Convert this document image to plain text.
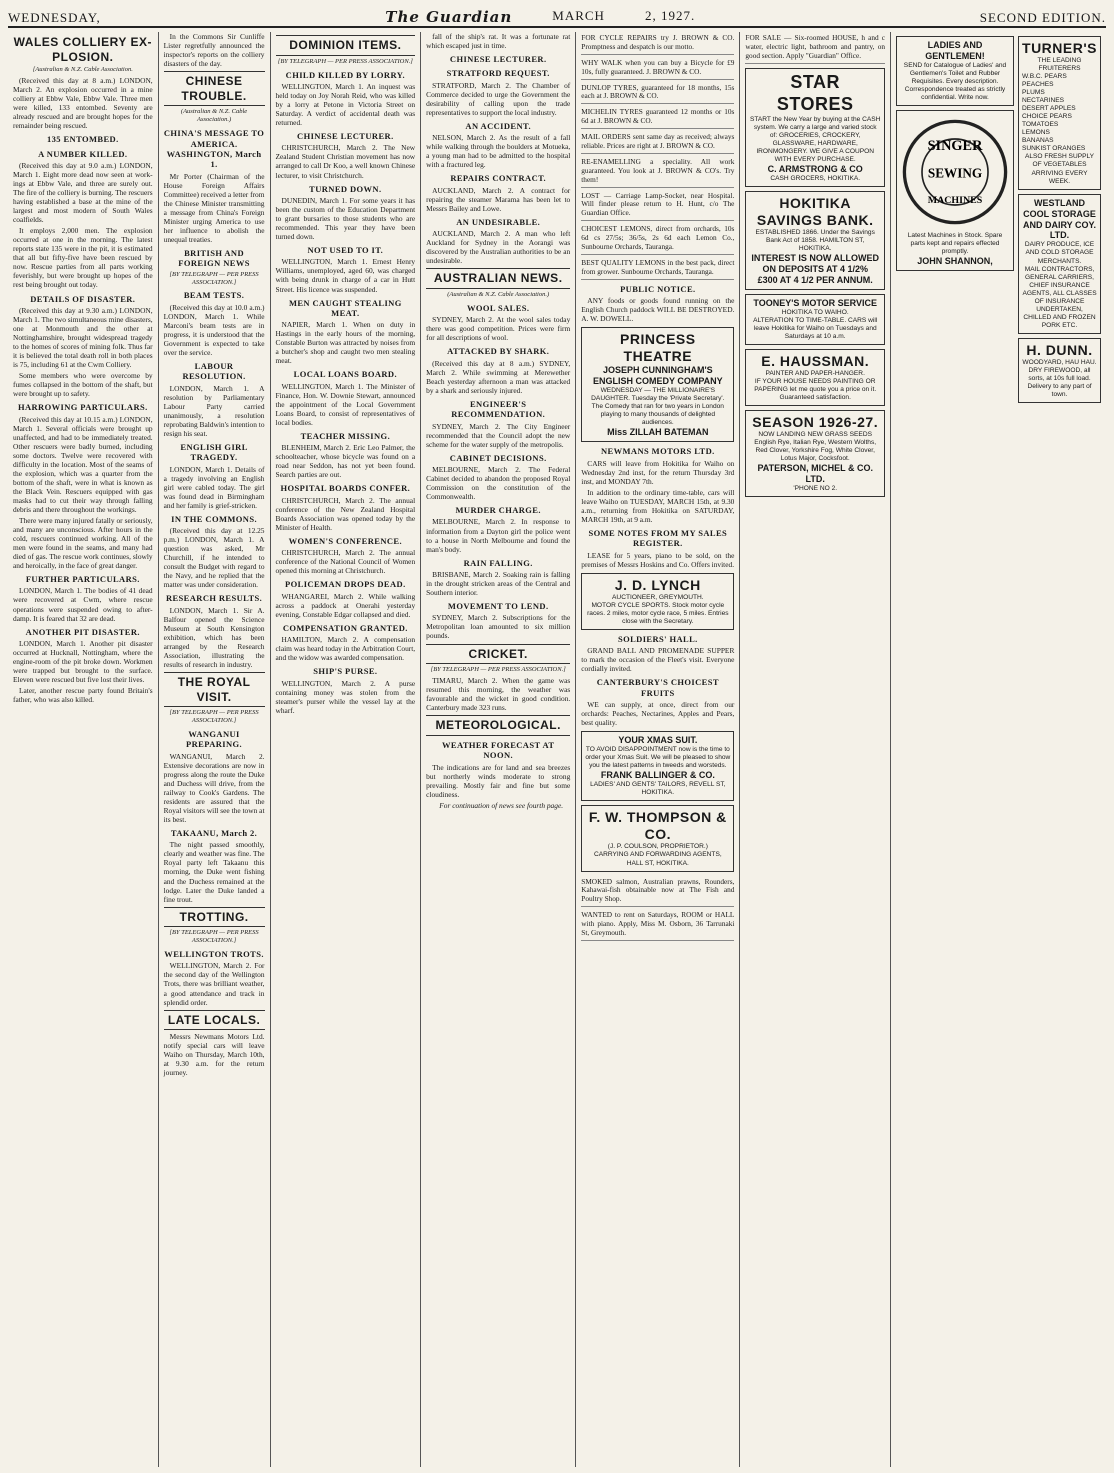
WEDNESDAY,	The Guardian	MARCH	2, 1927.	SECOND EDITION.
WALES COLLIERY EX-PLOSION.
[Australian & N.Z. Cable Association.

(Received this day at 8 a.m.) LONDON, March 2. An explosion occurred in a mine colliery at Ebbw Vale, Ebbw Vale. Three men were killed, 133 entombed. Seventy are already rescued and are brought hopes for the remainder being rescued.

135 ENTOMBED.
A NUMBER KILLED.

(Received this day at 9.0 a.m.) LONDON, March 1. Eight more dead now seen at work-ings at Ebbw Vale, and three are surely out. The fire of the colliery is burning. The rescuers having established a base at the mine of the largest and most modern of South Wales coalfields.

It employs 2,000 men. The explosion occurred at one in the morning. The latest reports state 135 were in the pit, it is estimated that all but fifty-five have been rescued by now. Rescue parties from all parts working feverishly, but were brought up hopes of the rest being brought out today.

DETAILS OF DISASTER.

(Received this day at 9.30 a.m.) LONDON, March 1. The two simultaneous mine disasters, one at Monmouth and the other at Nottinghamshire, brought widespread tragedy to the homes of scores of mining folk. Thus far it is believed the total death roll in both places is 75, including 61 at the Cwm Colliery.

Some members who were overcome by fumes collapsed in the bottom of the shaft, but were brought up to safety.

HARROWING PARTICULARS.

(Received this day at 10.15 a.m.) LONDON, March 1. Several officials were brought up unaffected, and had to be immediately treated. Other rescuers were badly burned, including some doctors. Twelve were recovered with difficulty in the location. Most of the seams of the explosion, which was a quarter from the bottom of the shaft, were in what is known as the Black Vein. Rescuers equipped with gas masks had to cut their way through falling debris and there throughout the workings.

There were many injured fatally or seriously, and many are unconscious. After hours in the cold, rescuers continued working. All of the men were found in the seams, and many had died of gas. The rescue work continues, slowly and heroically, in the face of great danger.

FURTHER PARTICULARS.

LONDON, March 1. The bodies of 41 dead were recovered at Cwm, where rescue operations were suspended owing to after-damp. It is feared that 32 are dead.

ANOTHER PIT DISASTER.

LONDON, March 1. Another pit disaster occurred at Hucknall, Nottingham, where the engine-room of the pit broke down. Workmen were trapped but brought to the surface. Eleven were rescued but five lost their lives.

Later, another rescue party found Britain's father, who was also killed.

In the Commons Sir Cunliffe Lister regretfully announced the inspector's reports on the colliery disasters of the day.

CHINESE TROUBLE.
(Australian & N.Z. Cable Association.)
CHINA'S MESSAGE TO AMERICA. WASHINGTON, March 1.

Mr Porter (Chairman of the House Foreign Affairs Committee) received a letter from the Chinese Minister transmitting a message from China's Foreign Minister urging America to use her influence to abolish the unequal treaties.

BRITISH AND FOREIGN NEWS
[BY TELEGRAPH — PER PRESS ASSOCIATION.]
BEAM TESTS.

(Received this day at 10.0 a.m.) LONDON, March 1. While Marconi's beam tests are in progress, it is understood that the Government is expected to take over the service.

LABOUR RESOLUTION.

LONDON, March 1. A resolution by Parliamentary Labour Party carried unanimously, a resolution reprobating Baldwin's intention to resign his seat.

ENGLISH GIRL TRAGEDY.

LONDON, March 1. Details of a tragedy involving an English girl were cabled today. The girl was found dead in Birmingham and her family is grief-stricken.

IN THE COMMONS.

(Received this day at 12.25 p.m.) LONDON, March 1. A question was asked, Mr Churchill, if he intended to consult the Budget with regard to the Navy, and he replied that the matter was under consideration.

RESEARCH RESULTS.

LONDON, March 1. Sir A. Balfour opened the Science Museum at South Kensington exhibition, which has been arranged by the Research Association, illustrating the results of research in industry.

THE ROYAL VISIT.
[BY TELEGRAPH — PER PRESS ASSOCIATION.]
WANGANUI PREPARING.

WANGANUI, March 2. Extensive decorations are now in progress along the route the Duke and Duchess will drive, from the railway to Cook's Gardens. The residents are assured that the Royal visitors will see the town at its best.

TAKAANU, March 2.

The night passed smoothly, clearly and weather was fine. The Royal party left Takaanu this morning, the Duke went fishing and the Duchess remained at the lodge. Later the Duke landed a fine trout.

TROTTING.
[BY TELEGRAPH — PER PRESS ASSOCIATION.]
WELLINGTON TROTS.

WELLINGTON, March 2. For the second day of the Wellington Trots, there was brilliant weather, a good attendance and track in splendid order.

LATE LOCALS.

Messrs Newmans Motors Ltd. notify special cars will leave Waiho on Thursday, March 10th, at 9.30 a.m. for the return journey.

DOMINION ITEMS.
[BY TELEGRAPH — PER PRESS ASSOCIATION.]
CHILD KILLED BY LORRY.

WELLINGTON, March 1. An inquest was held today on Joy Norah Reid, who was killed by a lorry at Petone in Victoria Street on Saturday. A verdict of accidental death was returned.

CHINESE LECTURER.

CHRISTCHURCH, March 2. The New Zealand Student Christian movement has now arranged to call Dr Koo, a well known Chinese lecturer, to visit Christchurch.

TURNED DOWN.

DUNEDIN, March 1. For some years it has been the custom of the Education Department to grant bursaries to those students who are recommended. This year they have been turned down.

NOT USED TO IT.

WELLINGTON, March 1. Ernest Henry Williams, unemployed, aged 60, was charged with being drunk in charge of a car in Hutt Street. His licence was suspended.

MEN CAUGHT STEALING MEAT.

NAPIER, March 1. When on duty in Hastings in the early hours of the morning, Constable Burton was attracted by noises from a butcher's shop and caught two men stealing meat.

LOCAL LOANS BOARD.

WELLINGTON, March 1. The Minister of Finance, Hon. W. Downie Stewart, announced the appointment of the Local Government Loans Board, to consist of representatives of local bodies.

TEACHER MISSING.

BLENHEIM, March 2. Eric Leo Palmer, the schoolteacher, whose bicycle was found on a road near Seddon, has not yet been found. Search parties are out.

HOSPITAL BOARDS CONFER.

CHRISTCHURCH, March 2. The annual conference of the New Zealand Hospital Boards Association was opened today by the Minister of Health.

WOMEN'S CONFERENCE.

CHRISTCHURCH, March 2. The annual conference of the National Council of Women opened this morning at Christchurch.

POLICEMAN DROPS DEAD.

WHANGAREI, March 2. While walking across a paddock at Onerahi yesterday evening, Constable Edgar collapsed and died.

COMPENSATION GRANTED.

HAMILTON, March 2. A compensation claim was heard today in the Arbitration Court, and the widow was awarded compensation.

SHIP'S PURSE.

WELLINGTON, March 2. A purse containing money was stolen from the steamer's purser while the vessel lay at the wharf.

fall of the ship's rat. It was a fortunate rat which escaped just in time.

CHINESE LECTURER.
STRATFORD REQUEST.

STRATFORD, March 2. The Chamber of Commerce decided to urge the Government the desirability of calling upon the trade representatives to support the local industry.

AN ACCIDENT.

NELSON, March 2. As the result of a fall while walking through the boulders at Motueka, a young man had to be admitted to the hospital with a fractured leg.

REPAIRS CONTRACT.

AUCKLAND, March 2. A contract for repairing the steamer Marama has been let to Messrs Bailey and Lowe.

AN UNDESIRABLE.

AUCKLAND, March 2. A man who left Auckland for Sydney in the Aorangi was discovered by the Australian authorities to be an undesirable.

AUSTRALIAN NEWS.
(Australian & N.Z. Cable Association.)
WOOL SALES.

SYDNEY, March 2. At the wool sales today there was good competition. Prices were firm for all descriptions of wool.

ATTACKED BY SHARK.

(Received this day at 8 a.m.) SYDNEY, March 2. While swimming at Merewether Beach yesterday afternoon a man was attacked by a shark and seriously injured.

ENGINEER'S RECOMMENDATION.

SYDNEY, March 2. The City Engineer recommended that the Council adopt the new scheme for the water supply of the metropolis.

CABINET DECISIONS.

MELBOURNE, March 2. The Federal Cabinet decided to abandon the proposed Royal Commission on the constitution of the Commonwealth.

MURDER CHARGE.

MELBOURNE, March 2. In response to information from a Dayton girl the police went to a house in North Melbourne and found the man's body.

RAIN FALLING.

BRISBANE, March 2. Soaking rain is falling in the drought stricken areas of the Central and Southern interior.

MOVEMENT TO LEND.

SYDNEY, March 2. Subscriptions for the Metropolitan loan amounted to six million pounds.

CRICKET.
[BY TELEGRAPH — PER PRESS ASSOCIATION.]

TIMARU, March 2. When the game was resumed this morning, the weather was favourable and the wicket in good condition. Canterbury made 323 runs.

METEOROLOGICAL.
WEATHER FORECAST AT NOON.

The indications are for land and sea breezes but northerly winds moderate to strong prevailing. Mostly fair and fine but some cloudiness.

For continuation of news see fourth page.

FOR CYCLE REPAIRS try J. BROWN & CO. Promptness and despatch is our motto.

WHY WALK when you can buy a Bicycle for £9 10s, fully guaranteed. J. BROWN & CO.

DUNLOP TYRES, guaranteed for 18 months, 15s each at J. BROWN & CO.

MICHELIN TYRES guaranteed 12 months or 10s 6d at J. BROWN & CO.

MAIL ORDERS sent same day as received; always reliable. Prices are right at J. BROWN & CO.

RE-ENAMELLING a speciality. All work guaranteed. You look at J. BROWN & CO's. Try them!

LOST — Carriage Lamp-Socket, near Hospital. Will finder please return to H. Hunt, c/o The Guardian Office.

CHOICEST LEMONS, direct from orchards, 10s 6d cs 27/5s; 36/5s, 2s 6d each Lemon Co., Sunbourne Orchards, Tauranga.

BEST QUALITY LEMONS in the best pack, direct from grower. Sunbourne Orchards, Tauranga.

PUBLIC NOTICE.

ANY foods or goods found running on the English Church paddock WILL BE DESTROYED. A. W. DOWELL.

PRINCESS THEATRE
JOSEPH CUNNINGHAM'S ENGLISH COMEDY COMPANY
WEDNESDAY — THE MILLIONAIRE'S DAUGHTER. Tuesday the 'Private Secretary'. The Comedy that ran for two years in London playing to many thousands of delighted audiences.
Miss ZILLAH BATEMAN
NEWMANS MOTORS LTD.

CARS will leave from Hokitika for Waiho on Wednesday 2nd inst, for the return Thursday 3rd inst, and MONDAY 7th.

In addition to the ordinary time-table, cars will leave Waiho on TUESDAY, MARCH 15th, at 9.30 a.m., returning from Hokitika on SATURDAY, MARCH 19th, at 9 a.m.

SOME NOTES FROM MY SALES REGISTER.

LEASE for 5 years, piano to be sold, on the premises of Messrs Hoskins and Co. Offers invited.

J. D. LYNCH
AUCTIONEER, GREYMOUTH.
MOTOR CYCLE SPORTS. Stock motor cycle races. 2 miles, motor cycle race, 5 miles. Entries close with the Secretary.
SOLDIERS' HALL.

GRAND BALL AND PROMENADE SUPPER to mark the occasion of the Fleet's visit. Everyone cordially invited.

CANTERBURY'S CHOICEST FRUITS

WE can supply, at once, direct from our orchards: Peaches, Nectarines, Apples and Pears, best quality.

YOUR XMAS SUIT.
TO AVOID DISAPPOINTMENT now is the time to order your Xmas Suit. We will be pleased to show you the latest patterns in tweeds and worsteds.
FRANK BALLINGER & CO.
LADIES' AND GENTS' TAILORS, REVELL ST, HOKITIKA.
F. W. THOMPSON & CO.
(J. P. COULSON, PROPRIETOR.)
CARRYING AND FORWARDING AGENTS, HALL ST, HOKITIKA.

SMOKED salmon, Australian prawns, Rounders, Kahawai-fish obtainable now at The Fish and Poultry Shop.

WANTED to rent on Saturdays, ROOM or HALL with piano. Apply, Miss M. Osborn, 36 Tarrunaki St, Greymouth.

FOR SALE — Six-roomed HOUSE, h and c water, electric light, bathroom and pantry, on good section. Apply "Guardian" Office.

STAR STORES
START the New Year by buying at the CASH system. We carry a large and varied stock of: GROCERIES, CROCKERY, GLASSWARE, HARDWARE, IRONMONGERY. WE GIVE A COUPON WITH EVERY PURCHASE.
C. ARMSTRONG & CO
CASH GROCERS, HOKITIKA.
HOKITIKA SAVINGS BANK.
ESTABLISHED 1866. Under the Savings Bank Act of 1858. HAMILTON ST, HOKITIKA.
INTEREST IS NOW ALLOWED ON DEPOSITS AT 4 1/2%
£300 AT 4 1/2 PER ANNUM.
TOONEY'S MOTOR SERVICE
HOKITIKA TO WAIHO.
ALTERATION TO TIME-TABLE. CARS will leave Hokitika for Waiho on Tuesdays and Saturdays at 10 a.m.
E. HAUSSMAN.
PAINTER AND PAPER-HANGER.
IF YOUR HOUSE NEEDS PAINTING OR PAPERING let me quote you a price on it. Guaranteed satisfaction.
SEASON 1926-27.
NOW LANDING NEW GRASS SEEDS
English Rye, Italian Rye, Western Wolths, Red Clover, Yorkshire Fog, White Clover, Lotus Major, Cocksfoot.
PATERSON, MICHEL & CO. LTD.
'PHONE NO 2.
LADIES AND GENTLEMEN!
SEND for Catalogue of Ladies' and Gentlemen's Toilet and Rubber Requisites. Every description. Correspondence treated as strictly confidential. Write now.
SINGER
SEWING
MACHINES
Latest Machines in Stock. Spare parts kept and repairs effected promptly.
JOHN SHANNON,
TURNER'S
THE LEADING FRUITERERS
W.B.C. PEARS
PEACHES
PLUMS
NECTARINES
DESERT APPLES
CHOICE PEARS
TOMATOES
LEMONS
BANANAS
SUNKIST ORANGES
ALSO FRESH SUPPLY OF VEGETABLES ARRIVING EVERY WEEK.
WESTLAND COOL STORAGE AND DAIRY COY. LTD.
DAIRY PRODUCE, ICE AND COLD STORAGE MERCHANTS.
MAIL CONTRACTORS, GENERAL CARRIERS, CHIEF INSURANCE AGENTS, ALL CLASSES OF INSURANCE UNDERTAKEN, CHILLED AND FROZEN PORK ETC.
H. DUNN.
WOODYARD, HAU HAU.
DRY FIREWOOD, all sorts, at 10s full load. Delivery to any part of town.
